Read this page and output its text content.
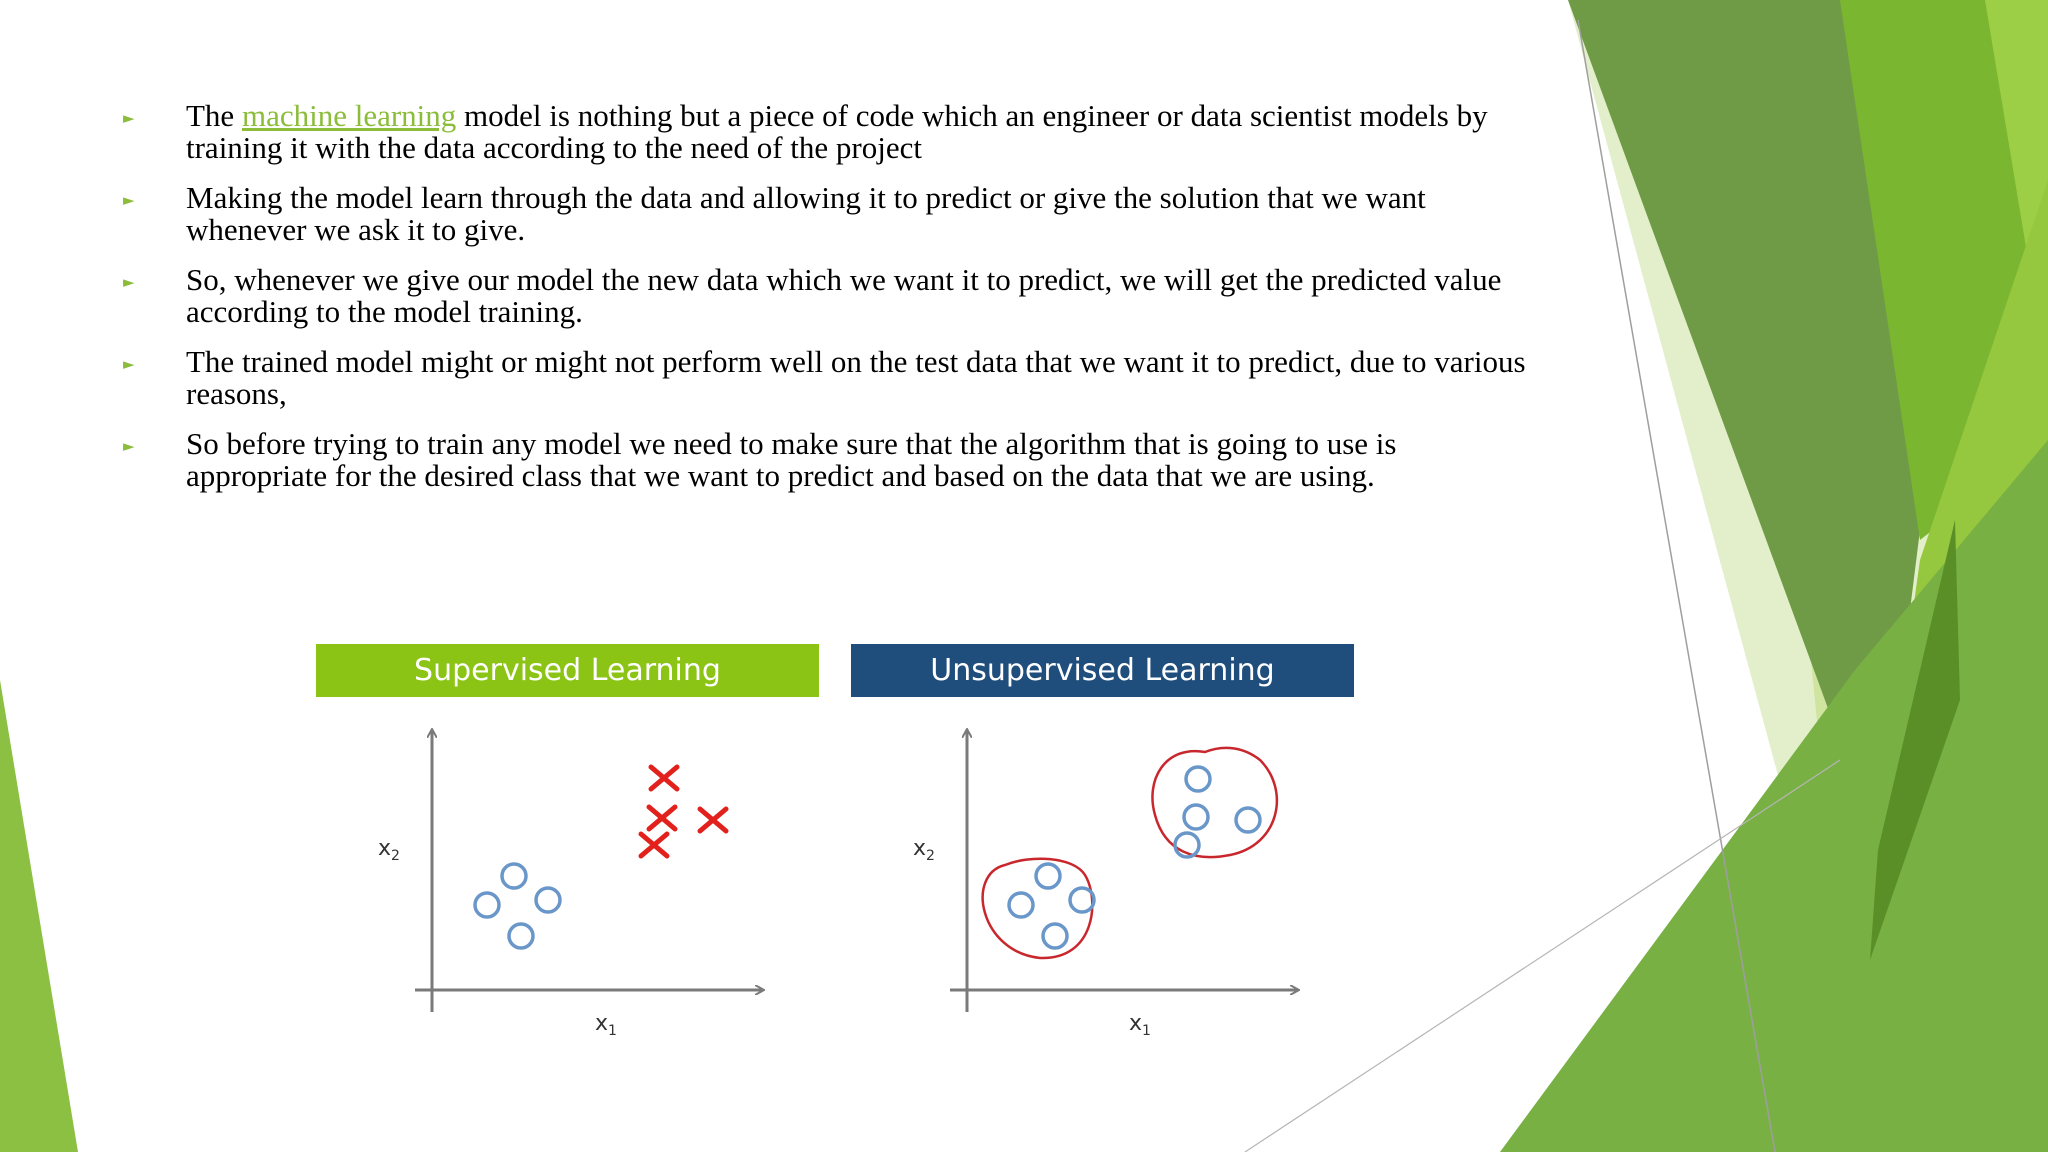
► The machine learning model is nothing but a piece of code which an engineer or data scientist models by training it with the data according to the need of the project
► Making the model learn through the data and allowing it to predict or give the solution that we want whenever we ask it to give.
► So, whenever we give our model the new data which we want it to predict, we will get the predicted value according to the model training.
► The trained model might or might not perform well on the test data that we want it to predict, due to various reasons,
► So before trying to train any model we need to make sure that the algorithm that is going to use is appropriate for the desired class that we want to predict and based on the data that we are using.
Supervised Learning	Unsupervised Learning
$x_2$
$x_1$
$x_2$
$x_1$
